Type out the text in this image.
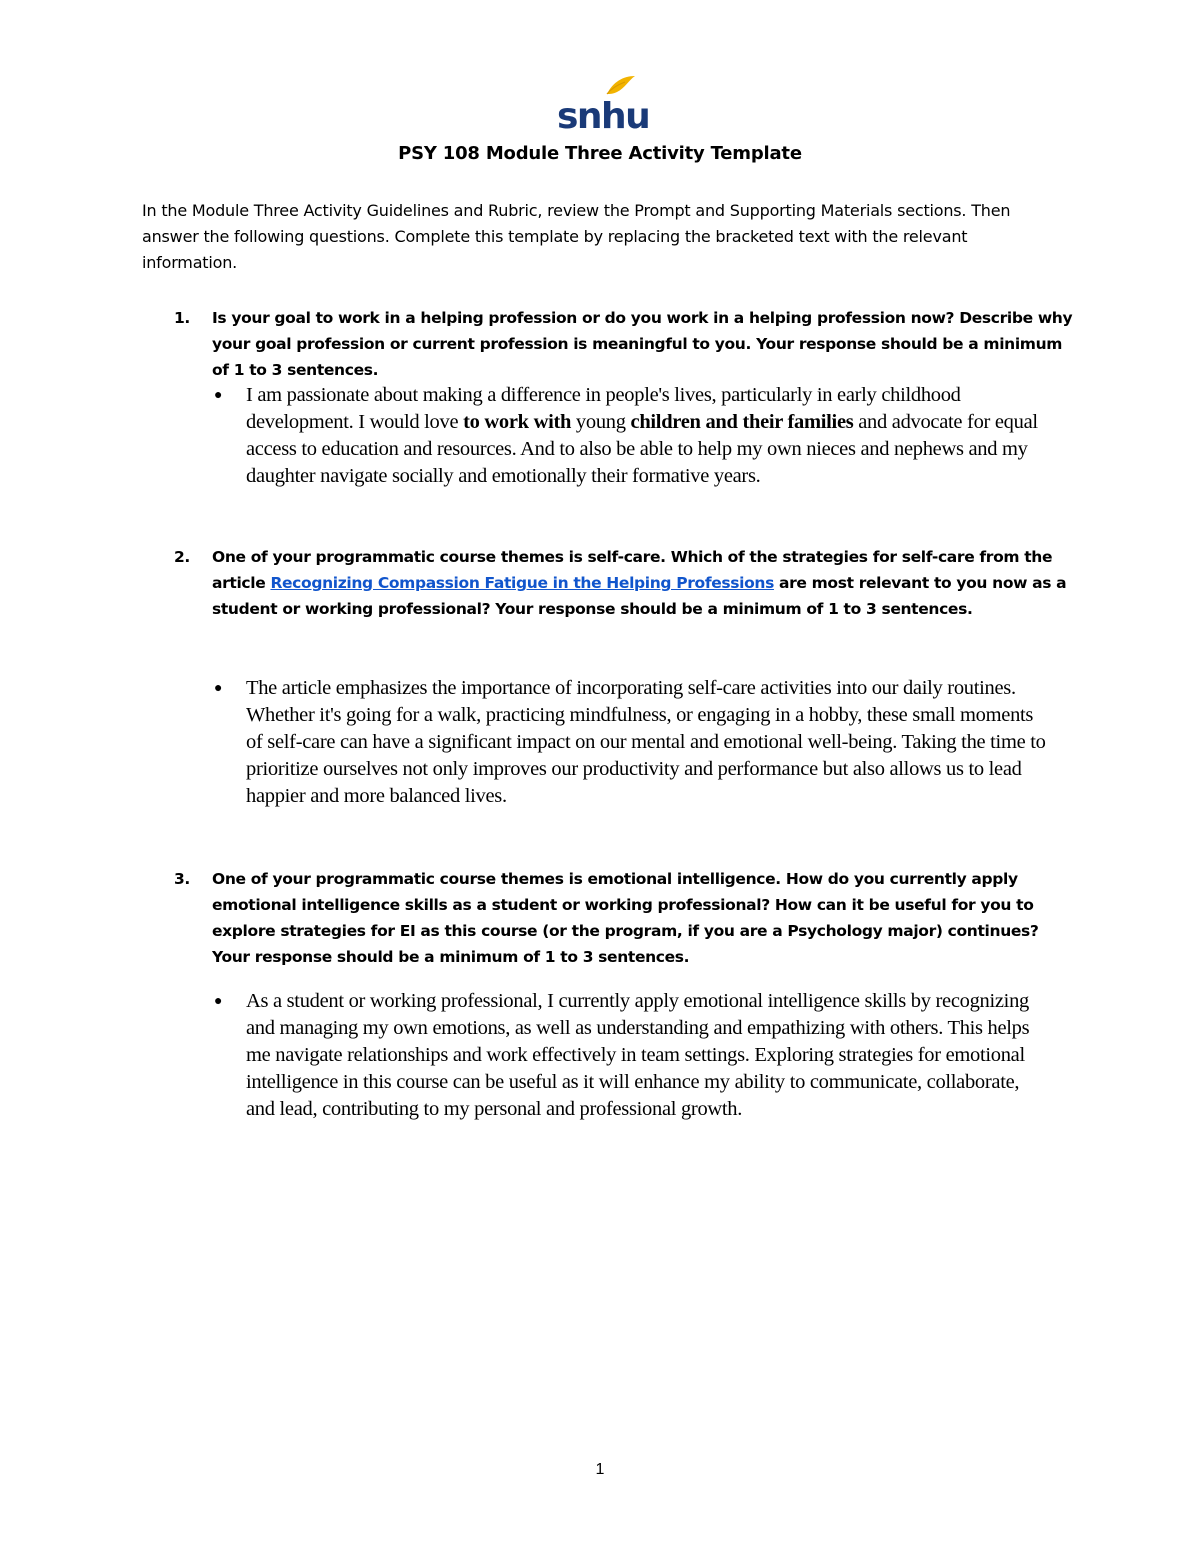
snhu
PSY 108 Module Three Activity Template

In the Module Three Activity Guidelines and Rubric, review the Prompt and Supporting Materials sections. Then answer the following questions. Complete this template by replacing the bracketed text with the relevant information.

1.	Is your goal to work in a helping profession or do you work in a helping profession now? Describe why your goal profession or current profession is meaningful to you. Your response should be a minimum of 1 to 3 sentences.
● I am passionate about making a difference in people's lives, particularly in early childhood development. I would love to work with young children and their families and advocate for equal access to education and resources. And to also be able to help my own nieces and nephews and my daughter navigate socially and emotionally their formative years.
2.	One of your programmatic course themes is self-care. Which of the strategies for self-care from the article Recognizing Compassion Fatigue in the Helping Professions are most relevant to you now as a student or working professional? Your response should be a minimum of 1 to 3 sentences.
● The article emphasizes the importance of incorporating self-care activities into our daily routines. Whether it's going for a walk, practicing mindfulness, or engaging in a hobby, these small moments of self-care can have a significant impact on our mental and emotional well-being. Taking the time to prioritize ourselves not only improves our productivity and performance but also allows us to lead happier and more balanced lives.
3.	One of your programmatic course themes is emotional intelligence. How do you currently apply emotional intelligence skills as a student or working professional? How can it be useful for you to explore strategies for EI as this course (or the program, if you are a Psychology major) continues? Your response should be a minimum of 1 to 3 sentences.
● As a student or working professional, I currently apply emotional intelligence skills by recognizing and managing my own emotions, as well as understanding and empathizing with others. This helps me navigate relationships and work effectively in team settings. Exploring strategies for emotional intelligence in this course can be useful as it will enhance my ability to communicate, collaborate, and lead, contributing to my personal and professional growth.
1
